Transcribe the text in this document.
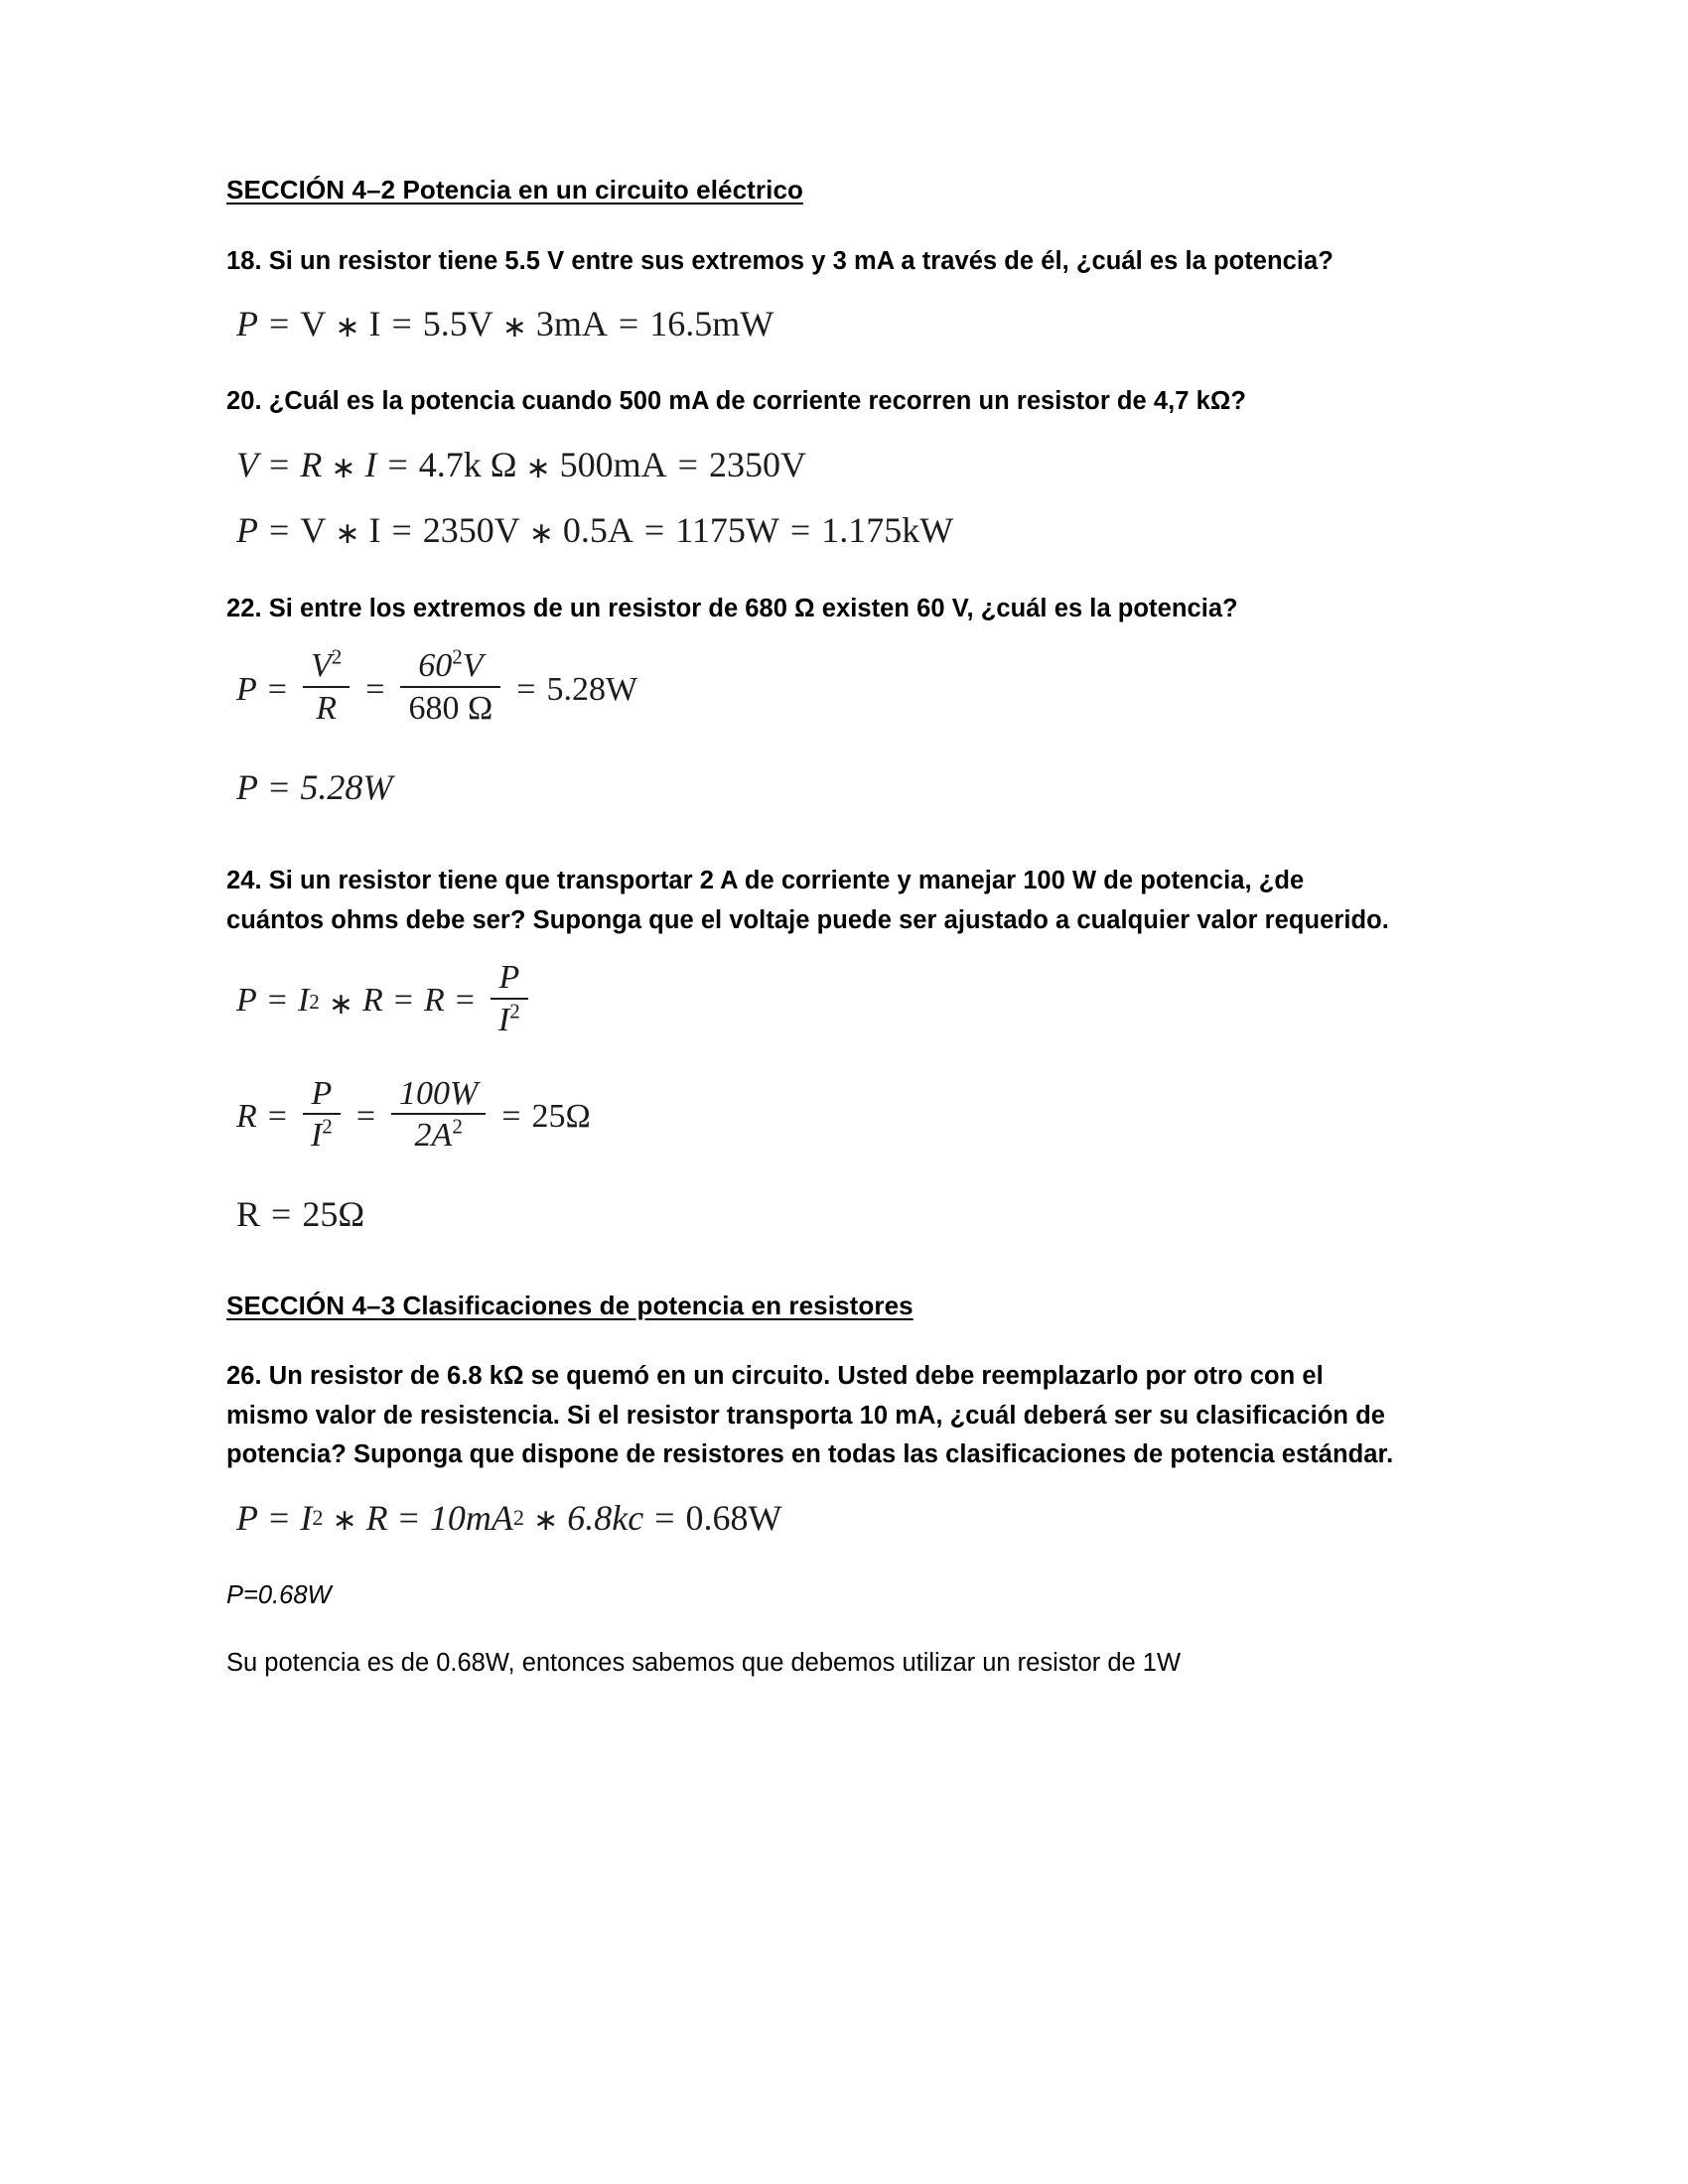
SECCIÓN 4–2 Potencia en un circuito eléctrico

18. Si un resistor tiene 5.5 V entre sus extremos y 3 mA a través de él, ¿cuál es la potencia?

P = V ∗ I = 5.5V ∗ 3mA = 16.5mW

20. ¿Cuál es la potencia cuando 500 mA de corriente recorren un resistor de 4,7 kΩ?

V = R ∗ I = 4.7k Ω ∗ 500mA = 2350V
P = V ∗ I = 2350V ∗ 0.5A = 1175W = 1.175kW

22. Si entre los extremos de un resistor de 680 Ω existen 60 V, ¿cuál es la potencia?

$P = \frac{V^2}{R} = \frac{60^2V}{680 \Omega} = 5.28W$
P = 5.28W

24. Si un resistor tiene que transportar 2 A de corriente y manejar 100 W de potencia, ¿de cuántos ohms debe ser? Suponga que el voltaje puede ser ajustado a cualquier valor requerido.

P = I 2 ∗ $R = R = \frac{P}{I^2}$
$R = \frac{P}{I^2} = \frac{100W}{2A^2} = 25\Omega$
R = 25Ω
SECCIÓN 4–3 Clasificaciones de potencia en resistores

26. Un resistor de 6.8 kΩ se quemó en un circuito. Usted debe reemplazarlo por otro con el mismo valor de resistencia. Si el resistor transporta 10 mA, ¿cuál deberá ser su clasificación de potencia? Suponga que dispone de resistores en todas las clasificaciones de potencia estándar.

P = I 2 ∗ R = 10mA 2 ∗ 6.8kc = 0.68W

P=0.68W

Su potencia es de 0.68W, entonces sabemos que debemos utilizar un resistor de 1W
